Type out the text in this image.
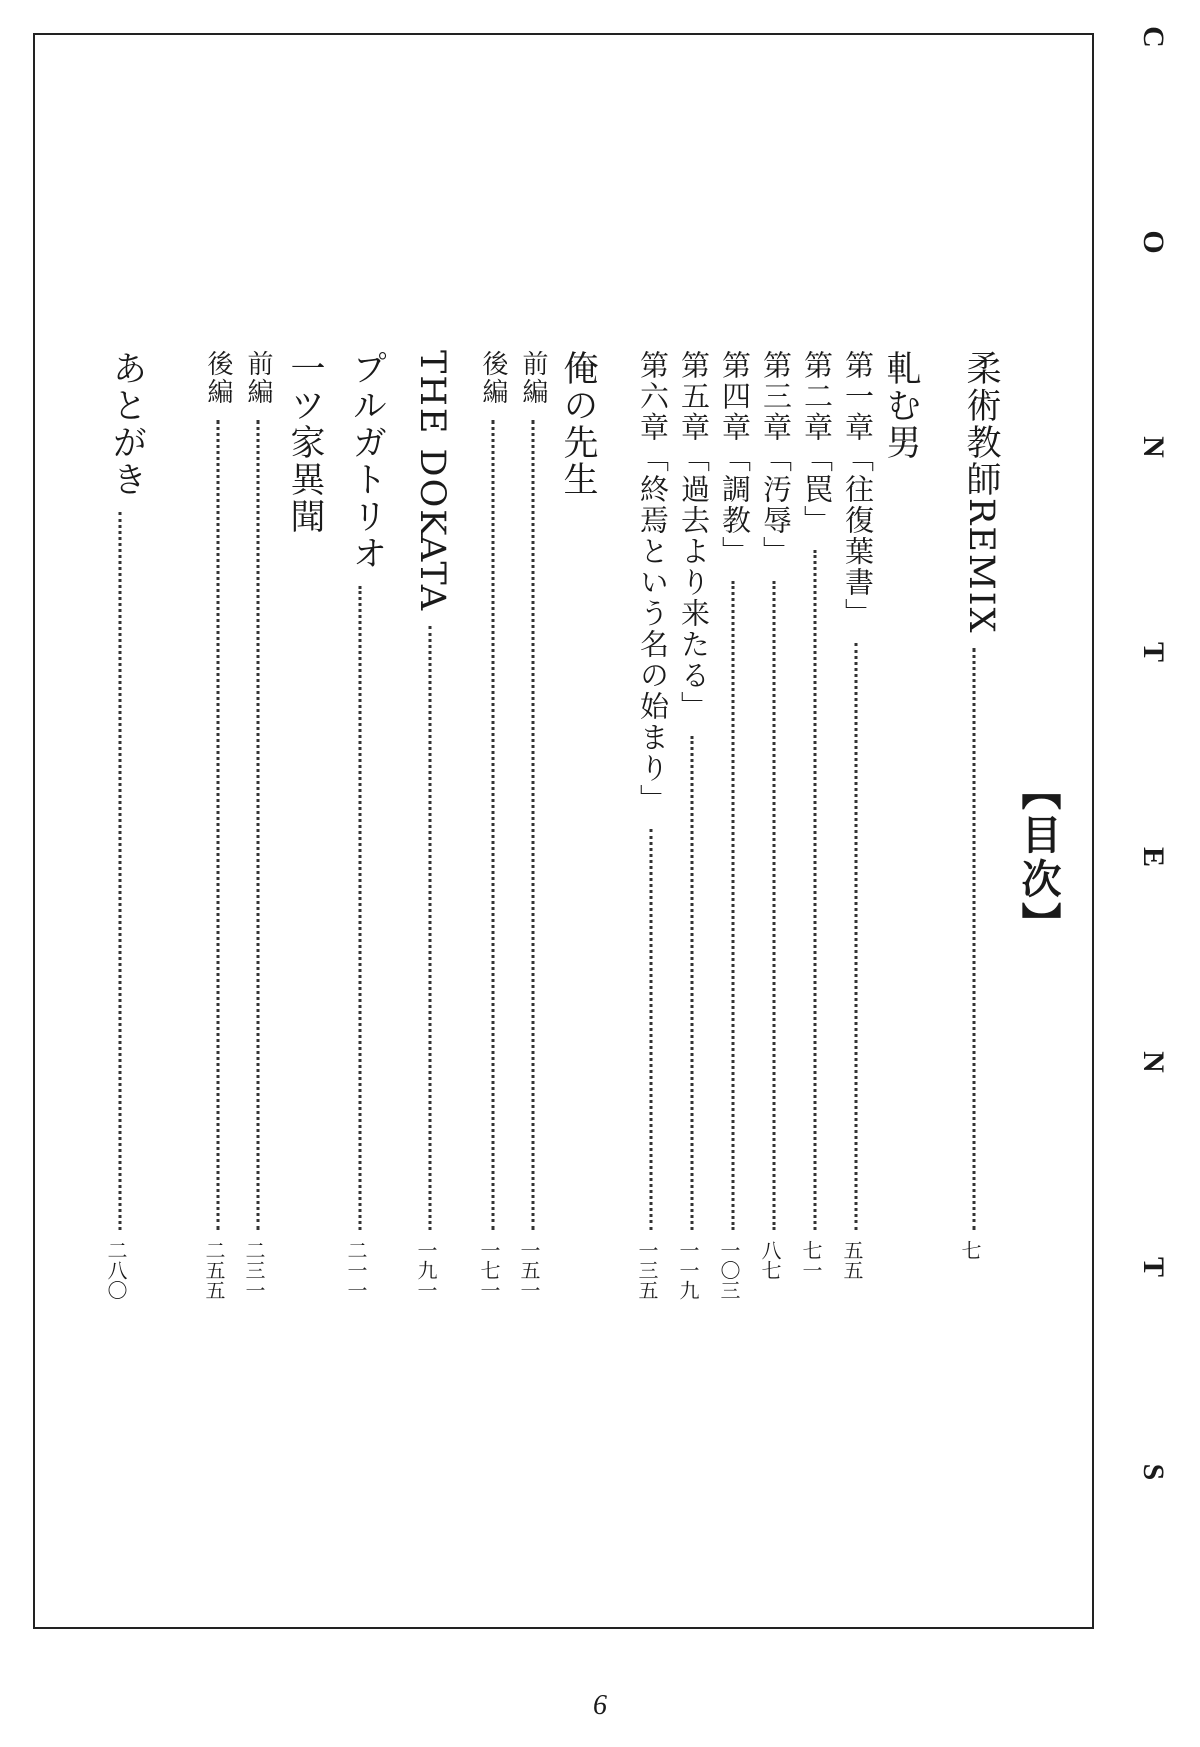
C
O
N
T
E
N
T
S
【目次】
柔術教師REMIX
七
軋む男
第一章「往復葉書」
五五
第二章「罠」
七一
第三章「汚辱」
八七
第四章「調教」
一〇三
第五章「過去より来たる」
一一九
第六章「終焉という名の始まり」
一三五
俺の先生
前編
一五一
後編
一七一
THE DOKATA
一九一
プルガトリオ
二一一
一ツ家異聞
前編
二三一
後編
二五五
あとがき
二八〇
6
